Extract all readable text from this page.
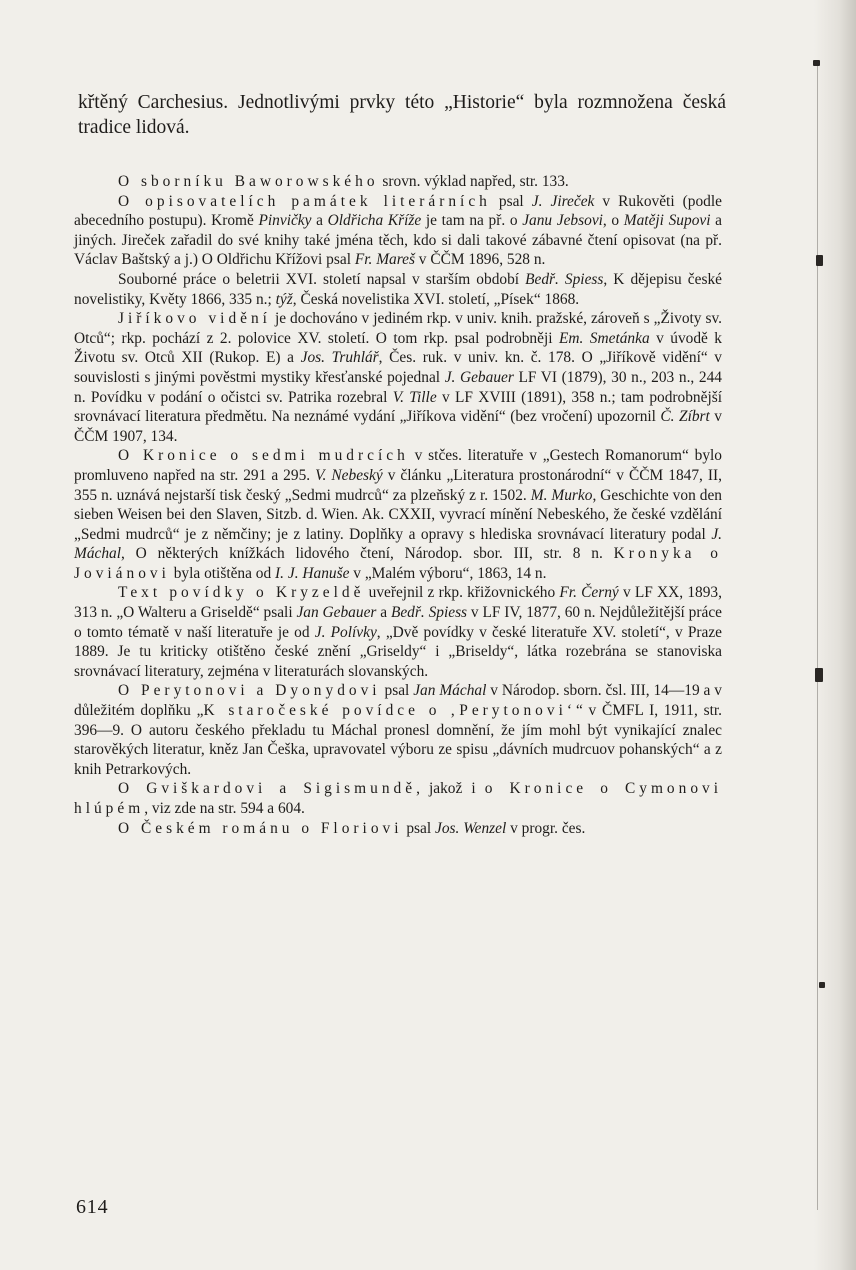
křtěný Carchesius. Jednotlivými prvky této „Historie“ byla rozmnožena česká tradice lidová.

O sborníku Baworowského srovn. výklad napřed, str. 133.

O opisovatelích památek literárních psal J. Jireček v Rukověti (podle abecedního postupu). Kromě Pinvičky a Oldřicha Kříže je tam na př. o Janu Jebsovi, o Matěji Supovi a jiných. Jireček zařadil do své knihy také jména těch, kdo si dali takové zábavné čtení opisovat (na př. Václav Baštský a j.) O Oldřichu Křížovi psal Fr. Mareš v ČČM 1896, 528 n.

Souborné práce o beletrii XVI. století napsal v starším období Bedř. Spiess, K dějepisu české novelistiky, Květy 1866, 335 n.; týž, Česká novelistika XVI. století, „Písek“ 1868.

Jiříkovo vidění je dochováno v jediném rkp. v univ. knih. pražské, zároveň s „Životy sv. Otců“; rkp. pochází z 2. polovice XV. století. O tom rkp. psal podrobněji Em. Smetánka v úvodě k Životu sv. Otců XII (Rukop. E) a Jos. Truhlář, Čes. ruk. v univ. kn. č. 178. O „Jiříkově vidění“ v souvislosti s jinými pověstmi mystiky křesťanské pojednal J. Gebauer LF VI (1879), 30 n., 203 n., 244 n. Povídku v podání o očistci sv. Patrika rozebral V. Tille v LF XVIII (1891), 358 n.; tam podrobnější srovnávací literatura předmětu. Na neznámé vydání „Jiříkova vidění“ (bez vročení) upozornil Č. Zíbrt v ČČM 1907, 134.

O Kronice o sedmi mudrcích v stčes. literatuře v „Gestech Romanorum“ bylo promluveno napřed na str. 291 a 295. V. Nebeský v článku „Literatura prostonárodní“ v ČČM 1847, II, 355 n. uznává nejstarší tisk český „Sedmi mudrců“ za plzeňský z r. 1502. M. Murko, Geschichte von den sieben Weisen bei den Slaven, Sitzb. d. Wien. Ak. CXXII, vyvrací mínění Nebeského, že české vzdělání „Sedmi mudrců“ je z němčiny; je z latiny. Doplňky a opravy s hlediska srovnávací literatury podal J. Máchal, O některých knížkách lidového čtení, Národop. sbor. III, str. 8 n. Kronyka o Joviánovi byla otištěna od I. J. Hanuše v „Malém výboru“, 1863, 14 n.

Text povídky o Kryzeldě uveřejnil z rkp. křižovnického Fr. Černý v LF XX, 1893, 313 n. „O Walteru a Griseldě“ psali Jan Gebauer a Bedř. Spiess v LF IV, 1877, 60 n. Nejdůležitější práce o tomto tématě v naší literatuře je od J. Polívky, „Dvě povídky v české literatuře XV. století“, v Praze 1889. Je tu kriticky otištěno české znění „Griseldy“ i „Briseldy“, látka rozebrána se stanoviska srovnávací literatury, zejména v literaturách slovanských.

O Perytonovi a Dyonydovi psal Jan Máchal v Národop. sborn. čsl. III, 14—19 a v důležitém doplňku „K staročeské povídce o ‚Perytonovi‘“ v ČMFL I, 1911, str. 396—9. O autoru českého překladu tu Máchal pronesl domnění, že jím mohl být vynikající znalec starověkých literatur, kněz Jan Češka, upravovatel výboru ze spisu „dávních mudrcuov pohanských“ a z knih Petrarkových.

O Gviškardovi a Sigismundě, jakož i o Kronice o Cymonovi hlúpém, viz zde na str. 594 a 604.

O Českém románu o Floriovi psal Jos. Wenzel v progr. čes.

614
